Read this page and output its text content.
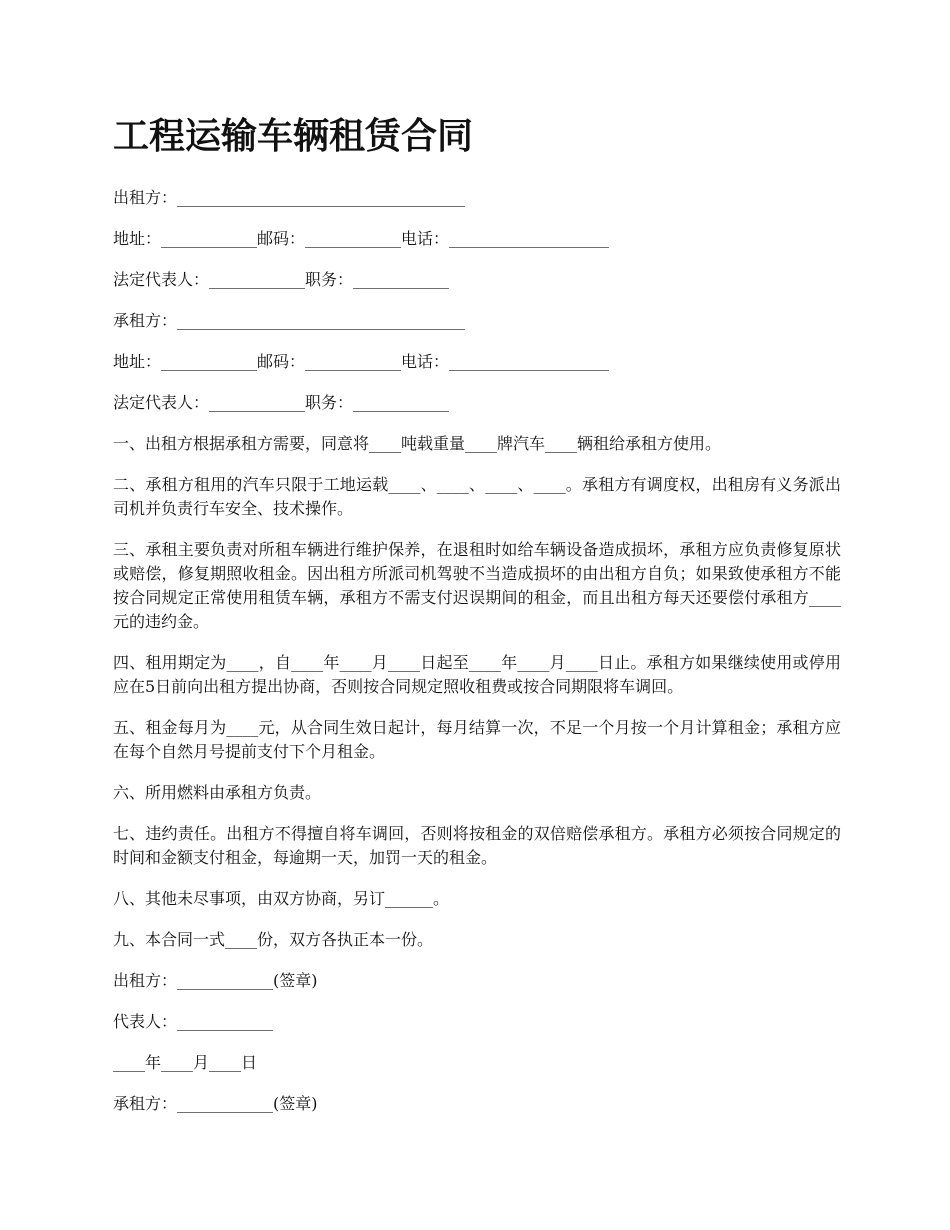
工程运输车辆租赁合同

出租方：____________________________________

地址：____________邮码：____________电话：____________________

法定代表人：____________职务：____________

承租方：____________________________________

地址：____________邮码：____________电话：____________________

法定代表人：____________职务：____________

一、出租方根据承租方需要，同意将____吨载重量____牌汽车____辆租给承租方使用。

二、承租方租用的汽车只限于工地运载____、____、____、____。承租方有调度权，出租房有义务派出司机并负责行车安全、技术操作。

三、承租主要负责对所租车辆进行维护保养，在退租时如给车辆设备造成损坏，承租方应负责修复原状或赔偿，修复期照收租金。因出租方所派司机驾驶不当造成损坏的由出租方自负；如果致使承租方不能按合同规定正常使用租赁车辆，承租方不需支付迟误期间的租金，而且出租方每天还要偿付承租方____元的违约金。

四、租用期定为____，自____年____月____日起至____年____月____日止。承租方如果继续使用或停用应在5日前向出租方提出协商，否则按合同规定照收租费或按合同期限将车调回。

五、租金每月为____元，从合同生效日起计，每月结算一次，不足一个月按一个月计算租金；承租方应在每个自然月号提前支付下个月租金。

六、所用燃料由承租方负责。

七、违约责任。出租方不得擅自将车调回，否则将按租金的双倍赔偿承租方。承租方必须按合同规定的时间和金额支付租金，每逾期一天，加罚一天的租金。

八、其他未尽事项，由双方协商，另订______。

九、本合同一式____份，双方各执正本一份。

出租方：____________(签章)

代表人：____________

____年____月____日

承租方：____________(签章)
